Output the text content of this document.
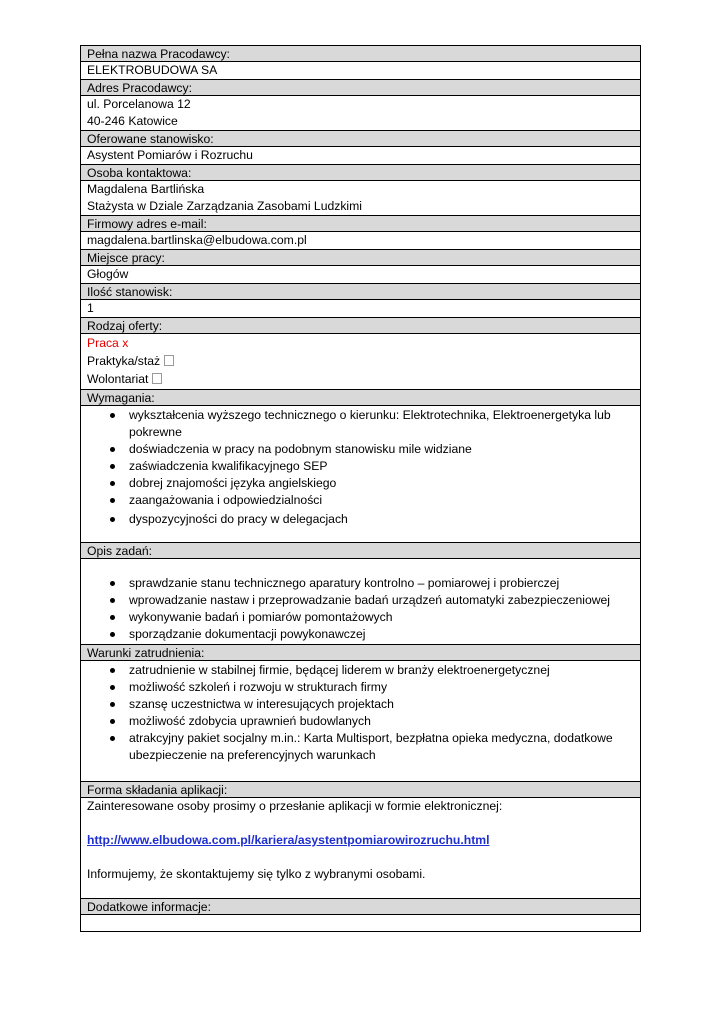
Pełna nazwa Pracodawcy:
ELEKTROBUDOWA SA
Adres Pracodawcy:
ul. Porcelanowa 12
40-246 Katowice
Oferowane stanowisko:
Asystent Pomiarów i Rozruchu
Osoba kontaktowa:
Magdalena Bartlińska
Stażysta w Dziale Zarządzania Zasobami Ludzkimi
Firmowy adres e-mail:
magdalena.bartlinska@elbudowa.com.pl
Miejsce pracy:
Głogów
Ilość stanowisk:
1
Rodzaj oferty:
Praca x
Praktyka/staż
Wolontariat
Wymagania:
wykształcenia wyższego technicznego o kierunku: Elektrotechnika, Elektroenergetyka lub pokrewne
doświadczenia w pracy na podobnym stanowisku mile widziane
zaświadczenia kwalifikacyjnego SEP
dobrej znajomości języka angielskiego
zaangażowania i odpowiedzialności
dyspozycyjności do pracy w delegacjach
Opis zadań:
sprawdzanie stanu technicznego aparatury kontrolno – pomiarowej i probierczej
wprowadzanie nastaw i przeprowadzanie badań urządzeń automatyki zabezpieczeniowej
wykonywanie badań i pomiarów pomontażowych
sporządzanie dokumentacji powykonawczej
Warunki zatrudnienia:
zatrudnienie w stabilnej firmie, będącej liderem w branży elektroenergetycznej
możliwość szkoleń i rozwoju w strukturach firmy
szansę uczestnictwa w interesujących projektach
możliwość zdobycia uprawnień budowlanych
atrakcyjny pakiet socjalny m.in.: Karta Multisport, bezpłatna opieka medyczna, dodatkowe ubezpieczenie na preferencyjnych warunkach
Forma składania aplikacji:
Zainteresowane osoby prosimy o przesłanie aplikacji w formie elektronicznej:
http://www.elbudowa.com.pl/kariera/asystentpomiarowirozruchu.html
Informujemy, że skontaktujemy się tylko z wybranymi osobami.
Dodatkowe informacje:
